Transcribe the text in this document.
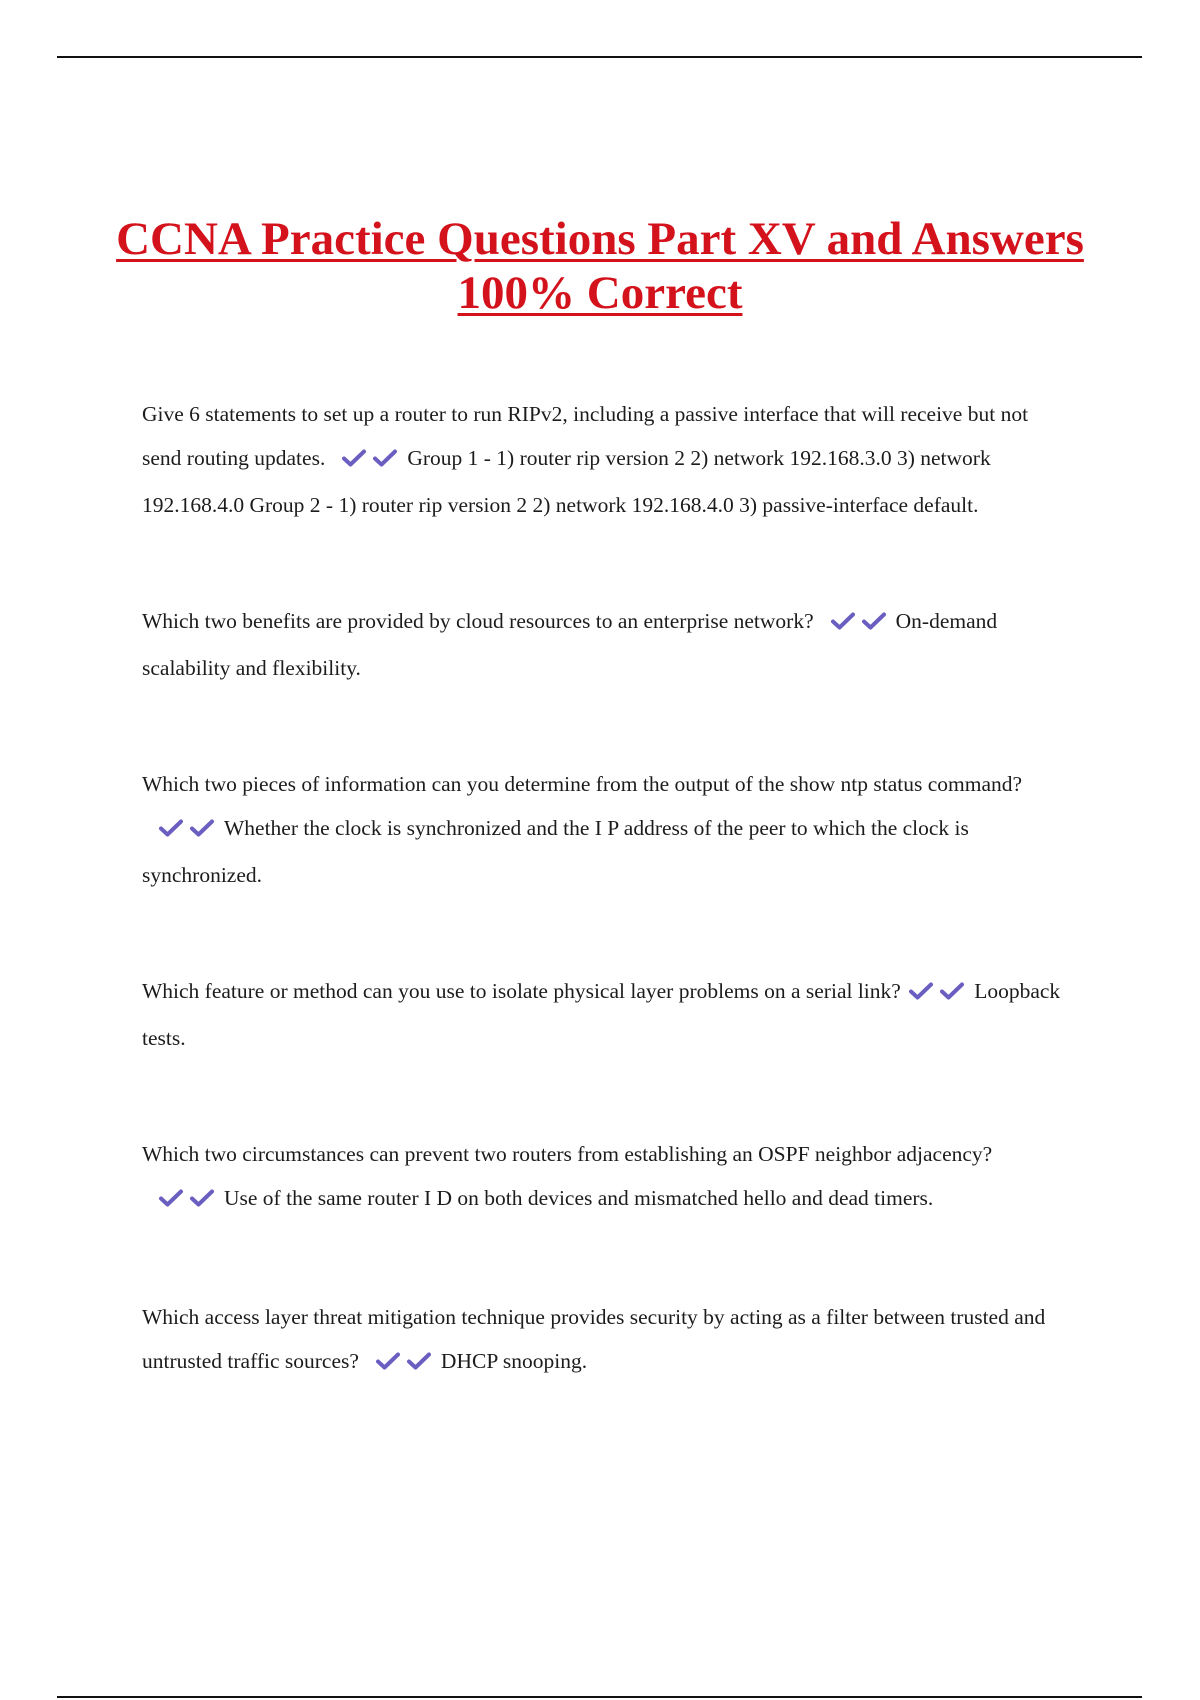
CCNA Practice Questions Part XV and Answers 100% Correct

Give 6 statements to set up a router to run RIPv2, including a passive interface that will receive but not send routing updates.	Group 1 - 1) router rip version 2 2) network 192.168.3.0 3) network 192.168.4.0 Group 2 - 1) router rip version 2 2) network 192.168.4.0 3) passive-interface default.

Which two benefits are provided by cloud resources to an enterprise network?	On-demand scalability and flexibility.

Which two pieces of information can you determine from the output of the show ntp status command?
Whether the clock is synchronized and the I P address of the peer to which the clock is synchronized.

Which feature or method can you use to isolate physical layer problems on a serial link?	Loopback tests.

Which two circumstances can prevent two routers from establishing an OSPF neighbor adjacency?
Use of the same router I D on both devices and mismatched hello and dead timers.

Which access layer threat mitigation technique provides security by acting as a filter between trusted and untrusted traffic sources?	DHCP snooping.
